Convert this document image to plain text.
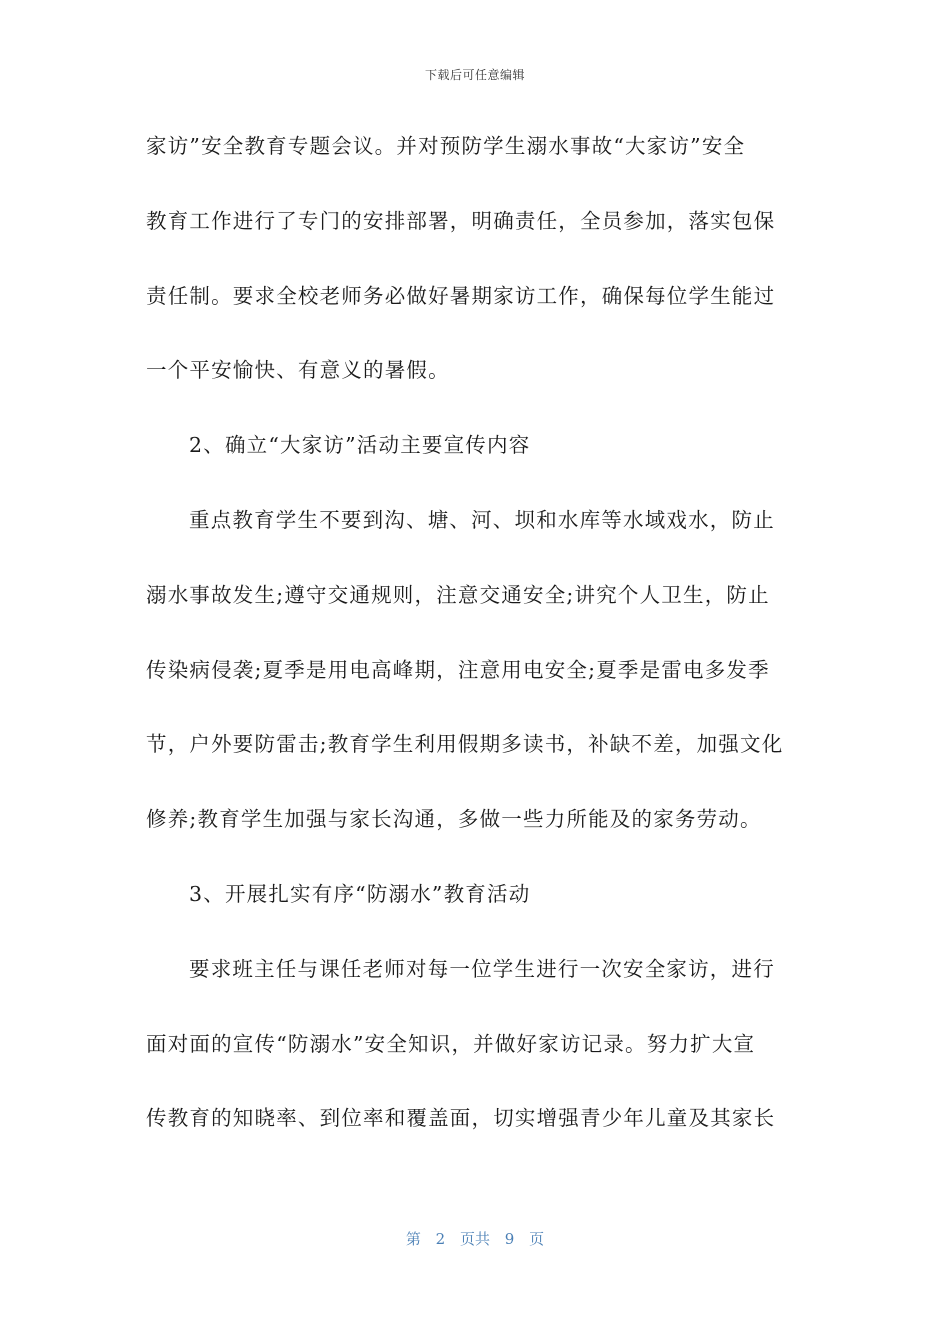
下载后可任意编辑
家访”安全教育专题会议。并对预防学生溺水事故“大家访”安全
教育工作进行了专门的安排部署，明确责任，全员参加，落实包保
责任制。要求全校老师务必做好暑期家访工作，确保每位学生能过
一个平安愉快、有意义的暑假。
2、确立“大家访”活动主要宣传内容
重点教育学生不要到沟、塘、河、坝和水库等水域戏水，防止
溺水事故发生;遵守交通规则，注意交通安全;讲究个人卫生，防止
传染病侵袭;夏季是用电高峰期，注意用电安全;夏季是雷电多发季
节，户外要防雷击;教育学生利用假期多读书，补缺不差，加强文化
修养;教育学生加强与家长沟通，多做一些力所能及的家务劳动。
3、开展扎实有序“防溺水”教育活动
要求班主任与课任老师对每一位学生进行一次安全家访，进行
面对面的宣传“防溺水”安全知识，并做好家访记录。努力扩大宣
传教育的知晓率、到位率和覆盖面，切实增强青少年儿童及其家长
第 2 页共 9 页
